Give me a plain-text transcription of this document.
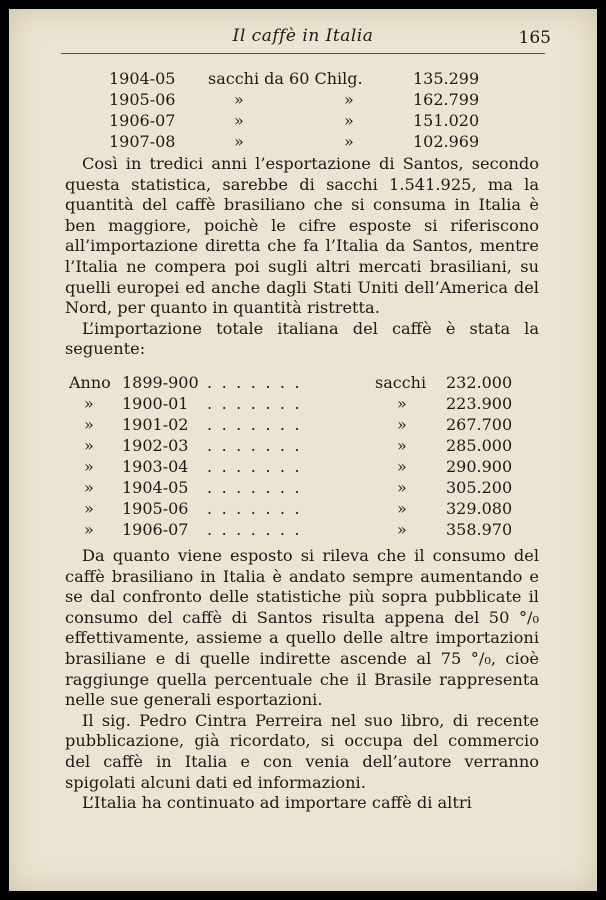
Il caffè in Italia	165
1904-05 sacchi da 60 Chilg.	135.299
1905-06	»	»	162.799
1906-07	»	»	151.020
1907-08	»	»	102.969

Così in tredici anni l’esportazione di Santos, secondo questa statistica, sarebbe di sacchi 1.541.925, ma la quantità del caffè brasiliano che si consuma in Italia è ben maggiore, poichè le cifre esposte si riferiscono all’importazione diretta che fa l’Italia da Santos, mentre l’Italia ne compera poi sugli altri mercati brasiliani, su quelli europei ed anche dagli Stati Uniti dell’America del Nord, per quanto in quantità ristretta.

L’importazione totale italiana del caffè è stata la seguente:

Anno 1899-900 .......	sacchi 232.000
» 1900-01 .......	» 223.900
» 1901-02 .......	» 267.700
» 1902-03 .......	» 285.000
» 1903-04 .......	» 290.900
» 1904-05 .......	» 305.200
» 1905-06 .......	» 329.080
» 1906-07 .......	» 358.970

Da quanto viene esposto si rileva che il consumo del caffè brasiliano in Italia è andato sempre aumentando e se dal confronto delle statistiche più sopra pubblicate il consumo del caffè di Santos risulta appena del 50 °/₀ effettivamente, assieme a quello delle altre importazioni brasiliane e di quelle indirette ascende al 75 °/₀, cioè raggiunge quella percentuale che il Brasile rappresenta nelle sue generali esportazioni.

Il sig. Pedro Cintra Perreira nel suo libro, di recente pubblicazione, già ricordato, si occupa del commercio del caffè in Italia e con venia dell’autore verranno spigolati alcuni dati ed informazioni.

L’Italia ha continuato ad importare caffè di altri
